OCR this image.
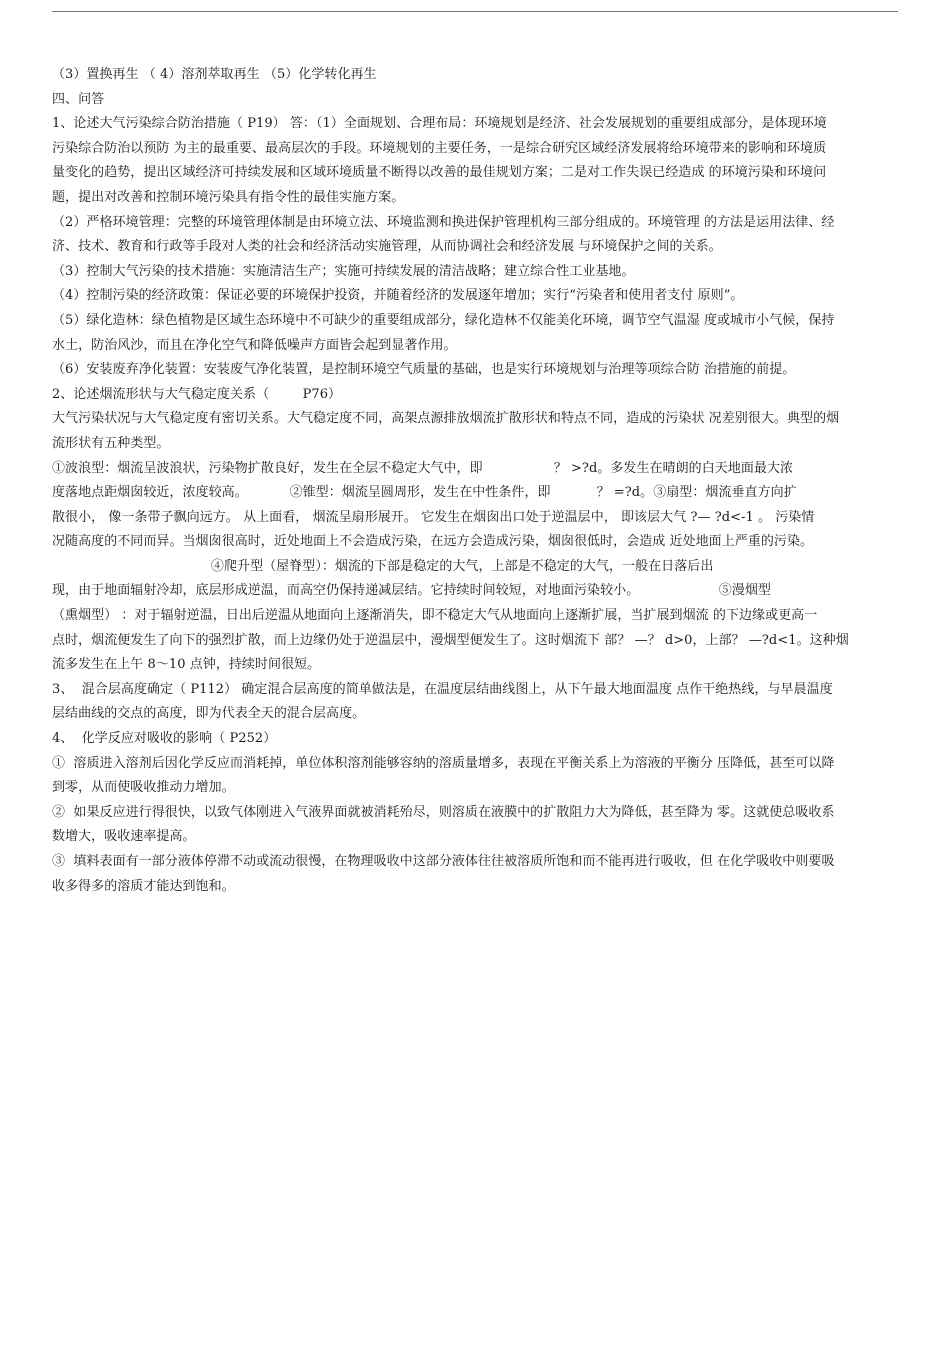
（3）置换再生 （ 4）溶剂萃取再生 （5）化学转化再生
四、问答
1、论述大气污染综合防治措施（ P19） 答：（1）全面规划、合理布局：环境规划是经济、社会发展规划的重要组成部分，是体现环境
污染综合防治以预防 为主的最重要、最高层次的手段。环境规划的主要任务，一是综合研究区域经济发展将给环境带来的影响和环境质
量变化的趋势，提出区域经济可持续发展和区域环境质量不断得以改善的最佳规划方案；二是对工作失误已经造成 的环境污染和环境问
题，提出对改善和控制环境污染具有指令性的最佳实施方案。
（2）严格环境管理：完整的环境管理体制是由环境立法、环境监测和换进保护管理机构三部分组成的。环境管理 的方法是运用法律、经
济、技术、教育和行政等手段对人类的社会和经济活动实施管理，从而协调社会和经济发展 与环境保护之间的关系。
（3）控制大气污染的技术措施：实施清洁生产；实施可持续发展的清洁战略；建立综合性工业基地。
（4）控制污染的经济政策：保证必要的环境保护投资，并随着经济的发展逐年增加；实行“污染者和使用者支付 原则”。
（5）绿化造林：绿色植物是区域生态环境中不可缺少的重要组成部分，绿化造林不仅能美化环境，调节空气温湿 度或城市小气候，保持
水土，防治风沙，而且在净化空气和降低噪声方面皆会起到显著作用。
（6）安装废弃净化装置：安装废气净化装置，是控制环境空气质量的基础，也是实行环境规划与治理等项综合防 治措施的前提。
2、论述烟流形状与大气稳定度关系（        P76）
大气污染状况与大气稳定度有密切关系。大气稳定度不同，高架点源排放烟流扩散形状和特点不同，造成的污染状 况差别很大。典型的烟
流形状有五种类型。
①波浪型：烟流呈波浪状，污染物扩散良好，发生在全层不稳定大气中，即                 ？ >?d。多发生在晴朗的白天地面最大浓
度落地点距烟囱较近，浓度较高。          ②锥型：烟流呈圆周形，发生在中性条件，即           ？ =?d。③扇型：烟流垂直方向扩
散很小， 像一条带子飘向远方。 从上面看， 烟流呈扇形展开。 它发生在烟囱出口处于逆温层中， 即该层大气 ?— ?d<-1 。 污染情
况随高度的不同而异。当烟囱很高时，近处地面上不会造成污染，在远方会造成污染，烟囱很低时，会造成 近处地面上严重的污染。
④爬升型（屋脊型）：烟流的下部是稳定的大气，上部是不稳定的大气，一般在日落后出
现，由于地面辐射冷却，底层形成逆温，而高空仍保持递减层结。它持续时间较短，对地面污染较小。                   ⑤漫烟型
（熏烟型） ：对于辐射逆温，日出后逆温从地面向上逐渐消失，即不稳定大气从地面向上逐渐扩展，当扩展到烟流 的下边缘或更高一
点时，烟流便发生了向下的强烈扩散，而上边缘仍处于逆温层中，漫烟型便发生了。这时烟流下 部？ —？ d>0，上部？ —?d<1。这种烟
流多发生在上午 8～10 点钟，持续时间很短。
3、  混合层高度确定（ P112） 确定混合层高度的简单做法是，在温度层结曲线图上，从下午最大地面温度 点作干绝热线，与早晨温度
层结曲线的交点的高度，即为代表全天的混合层高度。
4、  化学反应对吸收的影响（ P252）
①  溶质进入溶剂后因化学反应而消耗掉，单位体积溶剂能够容纳的溶质量增多，表现在平衡关系上为溶液的平衡分 压降低，甚至可以降
到零，从而使吸收推动力增加。
②  如果反应进行得很快，以致气体刚进入气液界面就被消耗殆尽，则溶质在液膜中的扩散阻力大为降低，甚至降为 零。这就使总吸收系
数增大，吸收速率提高。
③  填料表面有一部分液体停滞不动或流动很慢，在物理吸收中这部分液体往往被溶质所饱和而不能再进行吸收，但 在化学吸收中则要吸
收多得多的溶质才能达到饱和。
